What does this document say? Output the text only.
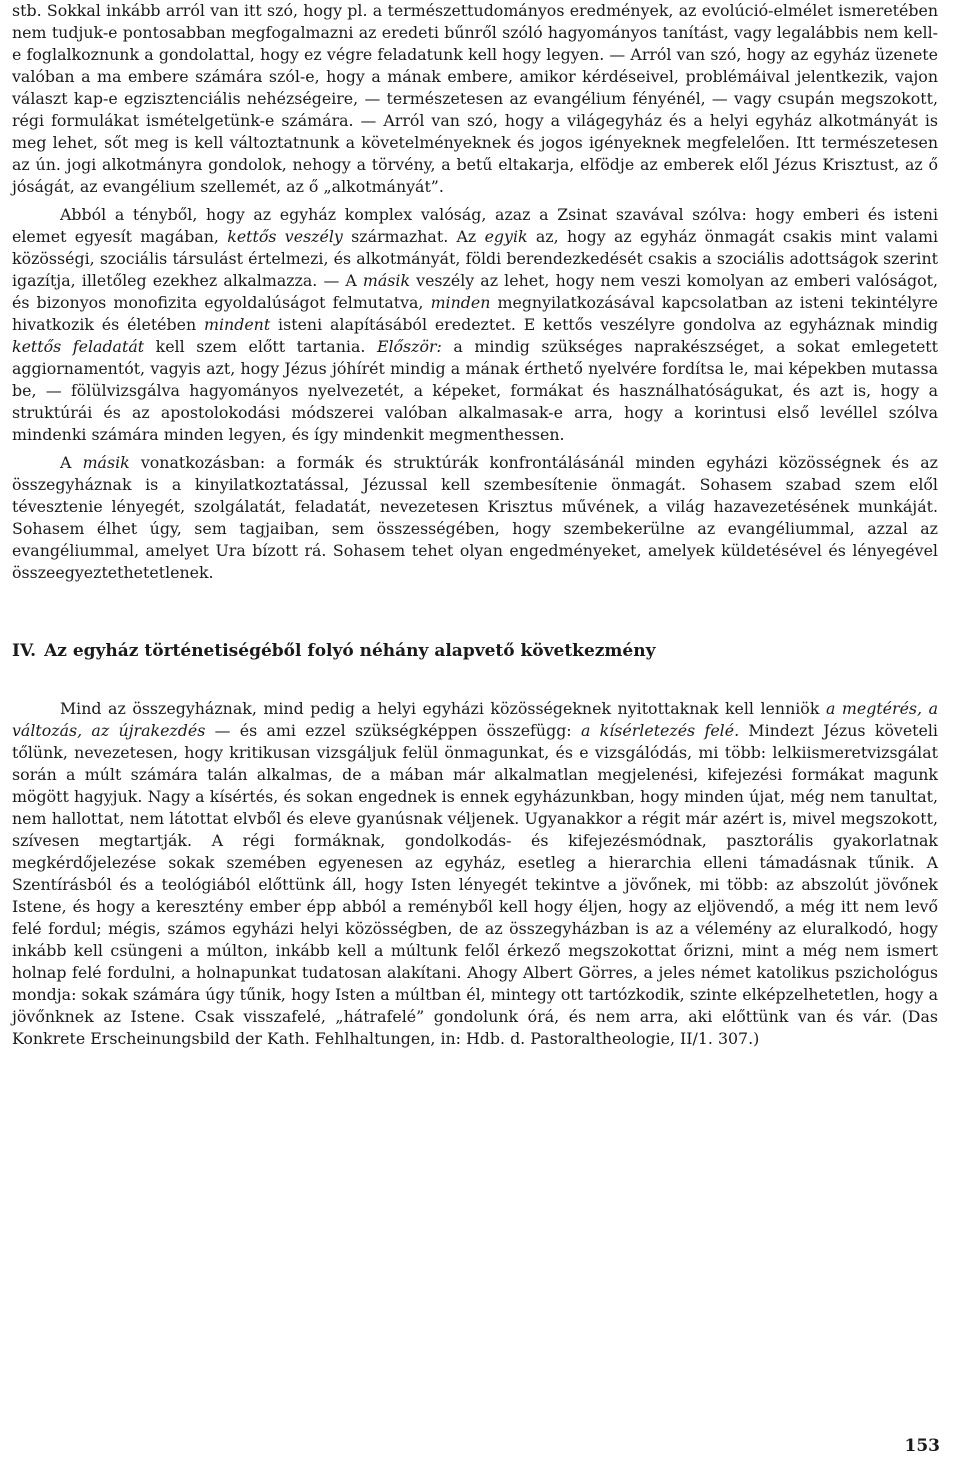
stb. Sokkal inkább arról van itt szó, hogy pl. a természettudományos eredmények, az evolúció-elmélet ismeretében nem tudjuk-e pontosabban megfogalmazni az eredeti bűnről szóló hagyományos tanítást, vagy legalábbis nem kell-e foglalkoznunk a gondolattal, hogy ez végre feladatunk kell hogy legyen. — Arról van szó, hogy az egyház üzenete valóban a ma embere számára szól-e, hogy a mának embere, amikor kérdéseivel, problémáival jelentkezik, vajon választ kap-e egzisztenciális nehézségeire, — természetesen az evangélium fényénél, — vagy csupán megszokott, régi formulákat ismételgetünk-e számára. — Arról van szó, hogy a világegyház és a helyi egyház alkotmányát is meg lehet, sőt meg is kell változtatnunk a követelményeknek és jogos igényeknek megfelelően. Itt természetesen az ún. jogi alkotmányra gondolok, nehogy a törvény, a betű eltakarja, elfödje az emberek elől Jézus Krisztust, az ő jóságát, az evangélium szellemét, az ő „alkotmányát”.

Abból a tényből, hogy az egyház komplex valóság, azaz a Zsinat szavával szólva: hogy emberi és isteni elemet egyesít magában, kettős veszély származhat. Az egyik az, hogy az egyház önmagát csakis mint valami közösségi, szociális társulást értelmezi, és alkotmányát, földi berendezkedését csakis a szociális adottságok szerint igazítja, illetőleg ezekhez alkalmazza. — A másik veszély az lehet, hogy nem veszi komolyan az emberi valóságot, és bizonyos monofizita egyoldalúságot felmutatva, minden megnyilatkozásával kapcsolatban az isteni tekintélyre hivatkozik és életében mindent isteni alapításából eredeztet. E kettős veszélyre gondolva az egyháznak mindig kettős feladatát kell szem előtt tartania. Először: a mindig szükséges naprakészséget, a sokat emlegetett aggiornamentót, vagyis azt, hogy Jézus jóhírét mindig a mának érthető nyelvére fordítsa le, mai képekben mutassa be, — fölülvizsgálva hagyományos nyelvezetét, a képeket, formákat és használhatóságukat, és azt is, hogy a struktúrái és az apostolokodási módszerei valóban alkalmasak-e arra, hogy a korintusi első levéllel szólva mindenki számára minden legyen, és így mindenkit megmenthessen.

A másik vonatkozásban: a formák és struktúrák konfrontálásánál minden egyházi közösségnek és az összegyháznak is a kinyilatkoztatással, Jézussal kell szembesítenie önmagát. Sohasem szabad szem elől tévesztenie lényegét, szolgálatát, feladatát, nevezetesen Krisztus művének, a világ hazavezetésének munkáját. Sohasem élhet úgy, sem tagjaiban, sem összességében, hogy szembekerülne az evangéliummal, azzal az evangéliummal, amelyet Ura bízott rá. Sohasem tehet olyan engedményeket, amelyek küldetésével és lényegével összeegyeztethetetlenek.

IV. Az egyház történetiségéből folyó néhány alapvető következmény

Mind az összegyháznak, mind pedig a helyi egyházi közösségeknek nyitottaknak kell lenniök a megtérés, a változás, az újrakezdés — és ami ezzel szükségképpen összefügg: a kísérletezés felé. Mindezt Jézus követeli tőlünk, nevezetesen, hogy kritikusan vizsgáljuk felül önmagunkat, és e vizsgálódás, mi több: lelkiismeretvizsgálat során a múlt számára talán alkalmas, de a mában már alkalmatlan megjelenési, kifejezési formákat magunk mögött hagyjuk. Nagy a kísértés, és sokan engednek is ennek egyházunkban, hogy minden újat, még nem tanultat, nem hallottat, nem látottat elvből és eleve gyanúsnak véljenek. Ugyanakkor a régit már azért is, mivel megszokott, szívesen megtartják. A régi formáknak, gondolkodás- és kifejezésmódnak, pasztorális gyakorlatnak megkérdőjelezése sokak szemében egyenesen az egyház, esetleg a hierarchia elleni támadásnak tűnik. A Szentírásból és a teológiából előttünk áll, hogy Isten lényegét tekintve a jövőnek, mi több: az abszolút jövőnek Istene, és hogy a keresztény ember épp abból a reményből kell hogy éljen, hogy az eljövendő, a még itt nem levő felé fordul; mégis, számos egyházi helyi közösségben, de az összegyházban is az a vélemény az eluralkodó, hogy inkább kell csüngeni a múlton, inkább kell a múltunk felől érkező megszokottat őrizni, mint a még nem ismert holnap felé fordulni, a holnapunkat tudatosan alakítani. Ahogy Albert Görres, a jeles német katolikus pszichológus mondja: sokak számára úgy tűnik, hogy Isten a múltban él, mintegy ott tartózkodik, szinte elképzelhetetlen, hogy a jövőnknek az Istene. Csak visszafelé, „hátrafelé” gondolunk órá, és nem arra, aki előttünk van és vár. (Das Konkrete Erscheinungsbild der Kath. Fehlhaltungen, in: Hdb. d. Pastoraltheologie, II/1. 307.)

153
